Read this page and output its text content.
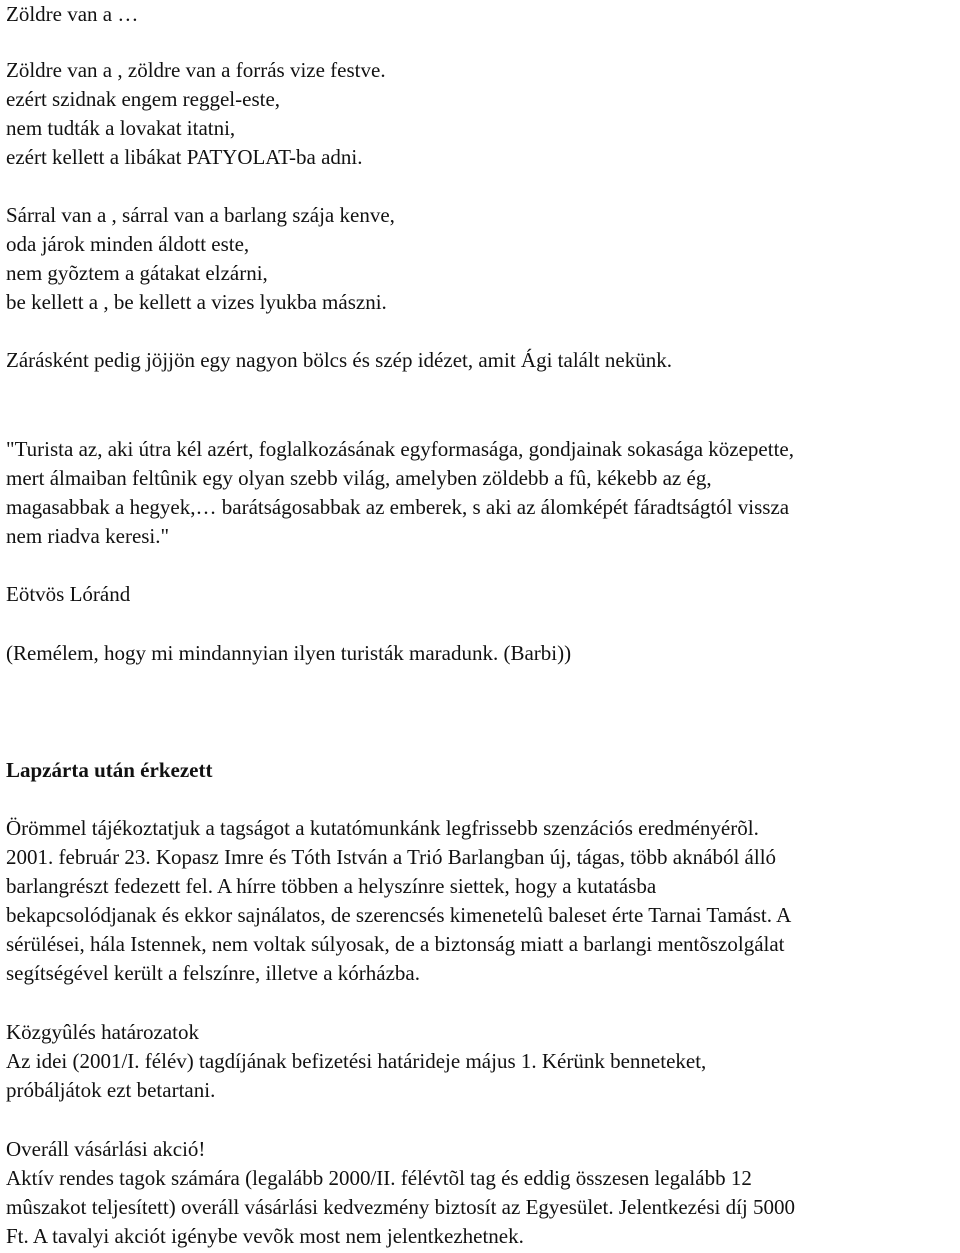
Zöldre van a …

Zöldre van a , zöldre van a forrás vize festve.

ezért szidnak engem reggel-este,

nem tudták a lovakat itatni,

ezért kellett a libákat PATYOLAT-ba adni.

Sárral van a , sárral van a barlang szája kenve,

oda járok minden áldott este,

nem gyõztem a gátakat elzárni,

be kellett a , be kellett a vizes lyukba mászni.

Zárásként pedig jöjjön egy nagyon bölcs és szép idézet, amit Ági talált nekünk.

"Turista az, aki útra kél azért, foglalkozásának egyformasága, gondjainak sokasága közepette,

mert álmaiban feltûnik egy olyan szebb világ, amelyben zöldebb a fû, kékebb az ég,

magasabbak a hegyek,… barátságosabbak az emberek, s aki az álomképét fáradtságtól vissza

nem riadva keresi."

Eötvös Lóránd

(Remélem, hogy mi mindannyian ilyen turisták maradunk. (Barbi))

Lapzárta után érkezett

Örömmel tájékoztatjuk a tagságot a kutatómunkánk legfrissebb szenzációs eredményérõl.

2001. február 23. Kopasz Imre és Tóth István a Trió Barlangban új, tágas, több aknából álló

barlangrészt fedezett fel. A hírre többen a helyszínre siettek, hogy a kutatásba

bekapcsolódjanak és ekkor sajnálatos, de szerencsés kimenetelû baleset érte Tarnai Tamást. A

sérülései, hála Istennek, nem voltak súlyosak, de a biztonság miatt a barlangi mentõszolgálat

segítségével került a felszínre, illetve a kórházba.

Közgyûlés határozatok

Az idei (2001/I. félév) tagdíjának befizetési határideje május 1. Kérünk benneteket,

próbáljátok ezt betartani.

Overáll vásárlási akció!

Aktív rendes tagok számára (legalább 2000/II. félévtõl tag és eddig összesen legalább 12

mûszakot teljesített) overáll vásárlási kedvezmény biztosít az Egyesület. Jelentkezési díj 5000

Ft. A tavalyi akciót igénybe vevõk most nem jelentkezhetnek.
